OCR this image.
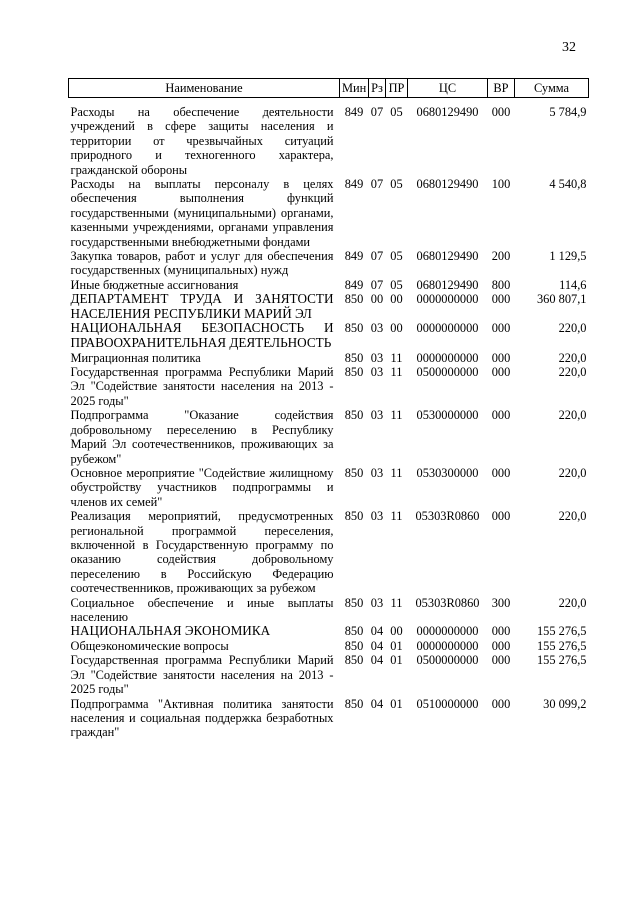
32
Наименование	Мин	Рз	ПР	ЦС	ВР	Сумма
Расходы на обеспечение деятельности учреждений в сфере защиты населения и территории от чрезвычайных ситуаций природного и техногенного характера, гражданской обороны	849	07	05	0680129490	000	5 784,9
Расходы на выплаты персоналу в целях обеспечения выполнения функций государственными (муниципальными) органами, казенными учреждениями, органами управления государственными внебюджетными фондами	849	07	05	0680129490	100	4 540,8
Закупка товаров, работ и услуг для обеспечения государственных (муниципальных) нужд	849	07	05	0680129490	200	1 129,5
Иные бюджетные ассигнования	849	07	05	0680129490	800	114,6
ДЕПАРТАМЕНТ ТРУДА И ЗАНЯТОСТИ НАСЕЛЕНИЯ РЕСПУБЛИКИ МАРИЙ ЭЛ	850	00	00	0000000000	000	360 807,1
НАЦИОНАЛЬНАЯ БЕЗОПАСНОСТЬ И ПРАВООХРАНИТЕЛЬНАЯ ДЕЯТЕЛЬНОСТЬ	850	03	00	0000000000	000	220,0
Миграционная политика	850	03	11	0000000000	000	220,0
Государственная программа Республики Марий Эл "Содействие занятости населения на 2013 - 2025 годы"	850	03	11	0500000000	000	220,0
Подпрограмма "Оказание содействия добровольному переселению в Республику Марий Эл соотечественников, проживающих за рубежом"	850	03	11	0530000000	000	220,0
Основное мероприятие "Содействие жилищному обустройству участников подпрограммы и членов их семей"	850	03	11	0530300000	000	220,0
Реализация мероприятий, предусмотренных региональной программой переселения, включенной в Государственную программу по оказанию содействия добровольному переселению в Российскую Федерацию соотечественников, проживающих за рубежом	850	03	11	05303R0860	000	220,0
Социальное обеспечение и иные выплаты населению	850	03	11	05303R0860	300	220,0
НАЦИОНАЛЬНАЯ ЭКОНОМИКА	850	04	00	0000000000	000	155 276,5
Общеэкономические вопросы	850	04	01	0000000000	000	155 276,5
Государственная программа Республики Марий Эл "Содействие занятости населения на 2013 - 2025 годы"	850	04	01	0500000000	000	155 276,5
Подпрограмма "Активная политика занятости населения и социальная поддержка безработных граждан"	850	04	01	0510000000	000	30 099,2
